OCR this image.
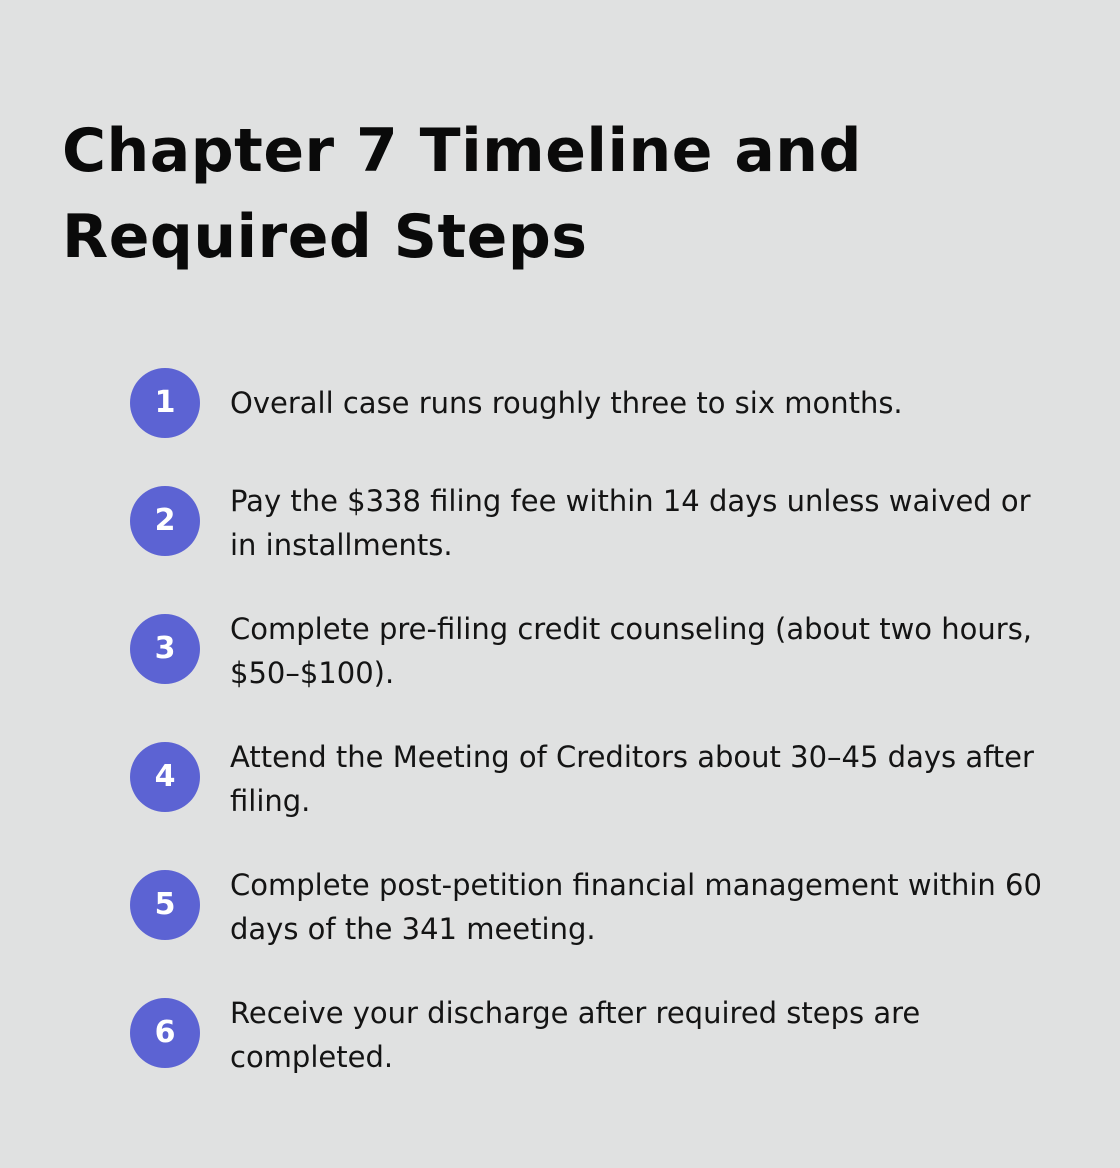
Chapter 7 Timeline and
Required Steps
1	Overall case runs roughly three to six months.

2

Pay the $338 filing fee within 14 days unless waived or in installments.

3

Complete pre-filing credit counseling (about two hours, $50–$100).

4

Attend the Meeting of Creditors about 30–45 days after filing.

5

Complete post-petition financial management within 60 days of the 341 meeting.

6

Receive your discharge after required steps are completed.
